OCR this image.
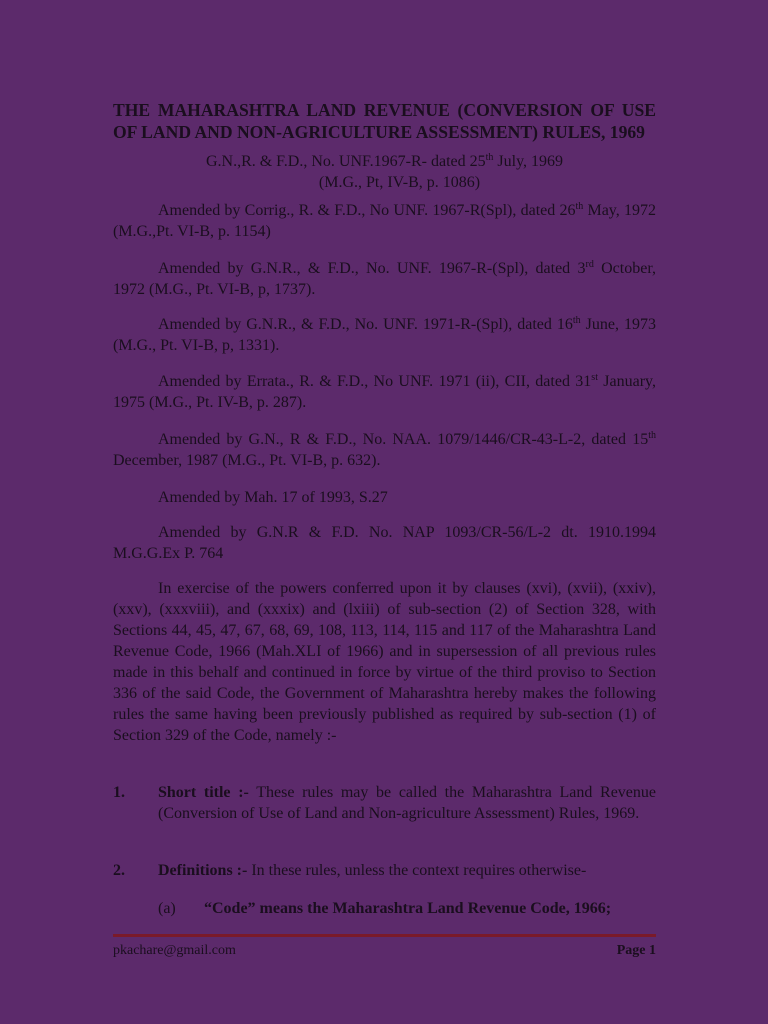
THE MAHARASHTRA LAND REVENUE (CONVERSION OF USE OF LAND AND NON-AGRICULTURE ASSESSMENT) RULES, 1969
G.N.,R. & F.D., No. UNF.1967-R- dated 25th July, 1969
(M.G., Pt, IV-B, p. 1086)
Amended by Corrig., R. & F.D., No UNF. 1967-R(Spl), dated 26th May, 1972 (M.G.,Pt. VI-B, p. 1154)
Amended by G.N.R., & F.D., No. UNF. 1967-R-(Spl), dated 3rd October, 1972 (M.G., Pt. VI-B, p, 1737).
Amended by G.N.R., & F.D., No. UNF. 1971-R-(Spl), dated 16th June, 1973 (M.G., Pt. VI-B, p, 1331).
Amended by Errata., R. & F.D., No UNF. 1971 (ii), CII, dated 31st January, 1975 (M.G., Pt. IV-B, p. 287).
Amended by G.N., R & F.D., No. NAA. 1079/1446/CR-43-L-2, dated 15th December, 1987 (M.G., Pt. VI-B, p. 632).
Amended by Mah. 17 of 1993, S.27
Amended by G.N.R & F.D. No. NAP 1093/CR-56/L-2 dt. 1910.1994 M.G.G.Ex P. 764
In exercise of the powers conferred upon it by clauses (xvi), (xvii), (xxiv), (xxv), (xxxviii), and (xxxix) and (lxiii) of sub-section (2) of Section 328, with Sections 44, 45, 47, 67, 68, 69, 108, 113, 114, 115 and 117 of the Maharashtra Land Revenue Code, 1966 (Mah.XLI of 1966) and in supersession of all previous rules made in this behalf and continued in force by virtue of the third proviso to Section 336 of the said Code, the Government of Maharashtra hereby makes the following rules the same having been previously published as required by sub-section (1) of Section 329 of the Code, namely :-
1. Short title :- These rules may be called the Maharashtra Land Revenue (Conversion of Use of Land and Non-agriculture Assessment) Rules, 1969.
2. Definitions :- In these rules, unless the context requires otherwise-
(a) “Code” means the Maharashtra Land Revenue Code, 1966;
pkachare@gmail.com	Page 1
